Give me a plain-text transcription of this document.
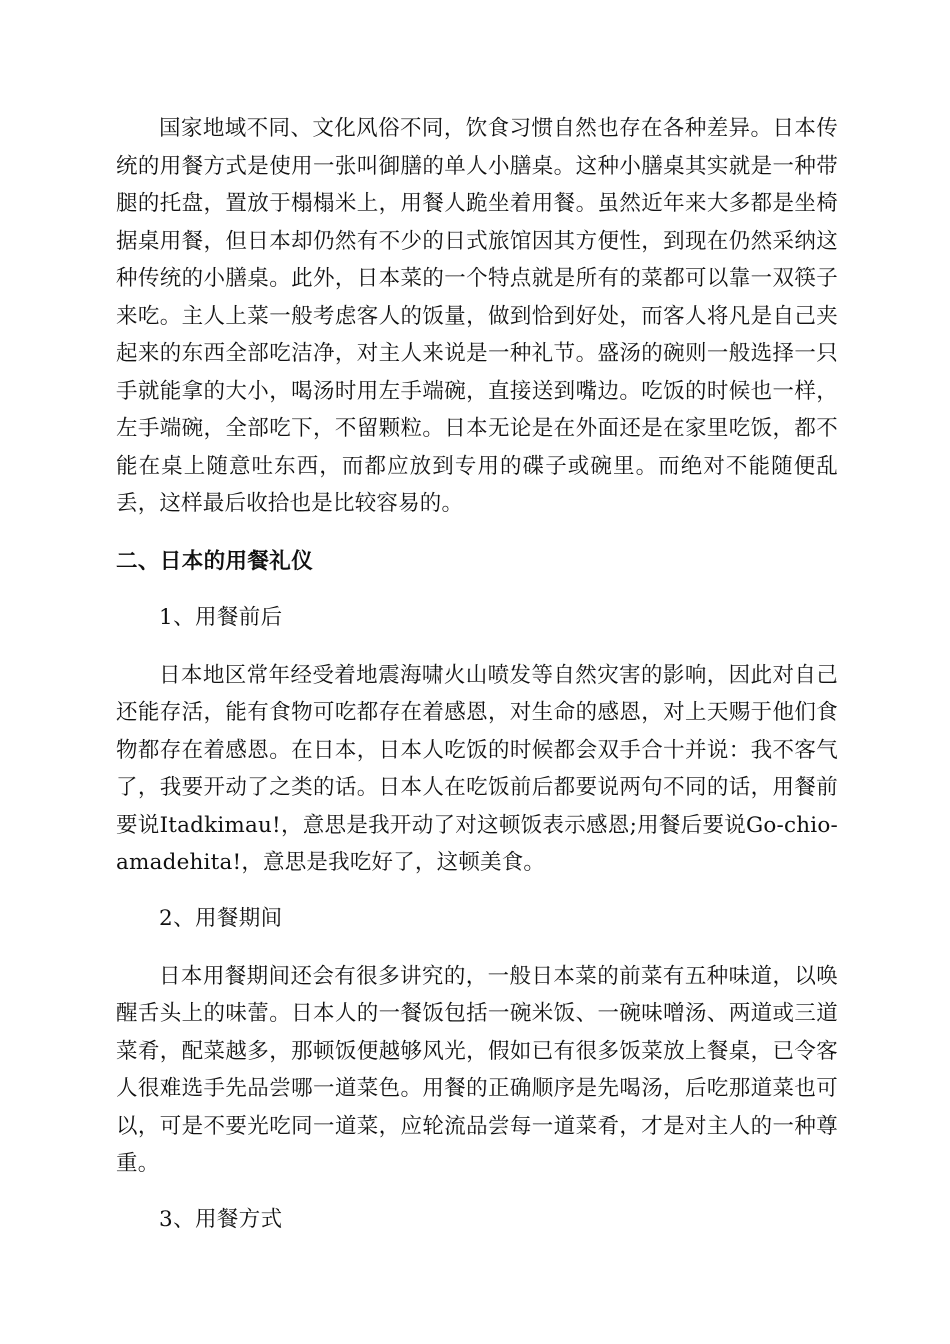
国家地域不同、文化风俗不同，饮食习惯自然也存在各种差异。日本传统的用餐方式是使用一张叫御膳的单人小膳桌。这种小膳桌其实就是一种带腿的托盘，置放于榻榻米上，用餐人跪坐着用餐。虽然近年来大多都是坐椅据桌用餐，但日本却仍然有不少的日式旅馆因其方便性，到现在仍然采纳这种传统的小膳桌。此外，日本菜的一个特点就是所有的菜都可以靠一双筷子来吃。主人上菜一般考虑客人的饭量，做到恰到好处，而客人将凡是自己夹起来的东西全部吃洁净，对主人来说是一种礼节。盛汤的碗则一般选择一只手就能拿的大小，喝汤时用左手端碗，直接送到嘴边。吃饭的时候也一样，左手端碗，全部吃下，不留颗粒。日本无论是在外面还是在家里吃饭，都不能在桌上随意吐东西，而都应放到专用的碟子或碗里。而绝对不能随便乱丢，这样最后收拾也是比较容易的。

二、日本的用餐礼仪
1、用餐前后

日本地区常年经受着地震海啸火山喷发等自然灾害的影响，因此对自己还能存活，能有食物可吃都存在着感恩，对生命的感恩，对上天赐于他们食物都存在着感恩。在日本，日本人吃饭的时候都会双手合十并说：我不客气了，我要开动了之类的话。日本人在吃饭前后都要说两句不同的话，用餐前要说Itadkimau!，意思是我开动了对这顿饭表示感恩;用餐后要说Go-chio-amadehita!，意思是我吃好了，这顿美食。

2、用餐期间

日本用餐期间还会有很多讲究的，一般日本菜的前菜有五种味道，以唤醒舌头上的味蕾。日本人的一餐饭包括一碗米饭、一碗味噌汤、两道或三道菜肴，配菜越多，那顿饭便越够风光，假如已有很多饭菜放上餐桌，已令客人很难选手先品尝哪一道菜色。用餐的正确顺序是先喝汤，后吃那道菜也可以，可是不要光吃同一道菜，应轮流品尝每一道菜肴，才是对主人的一种尊重。

3、用餐方式
